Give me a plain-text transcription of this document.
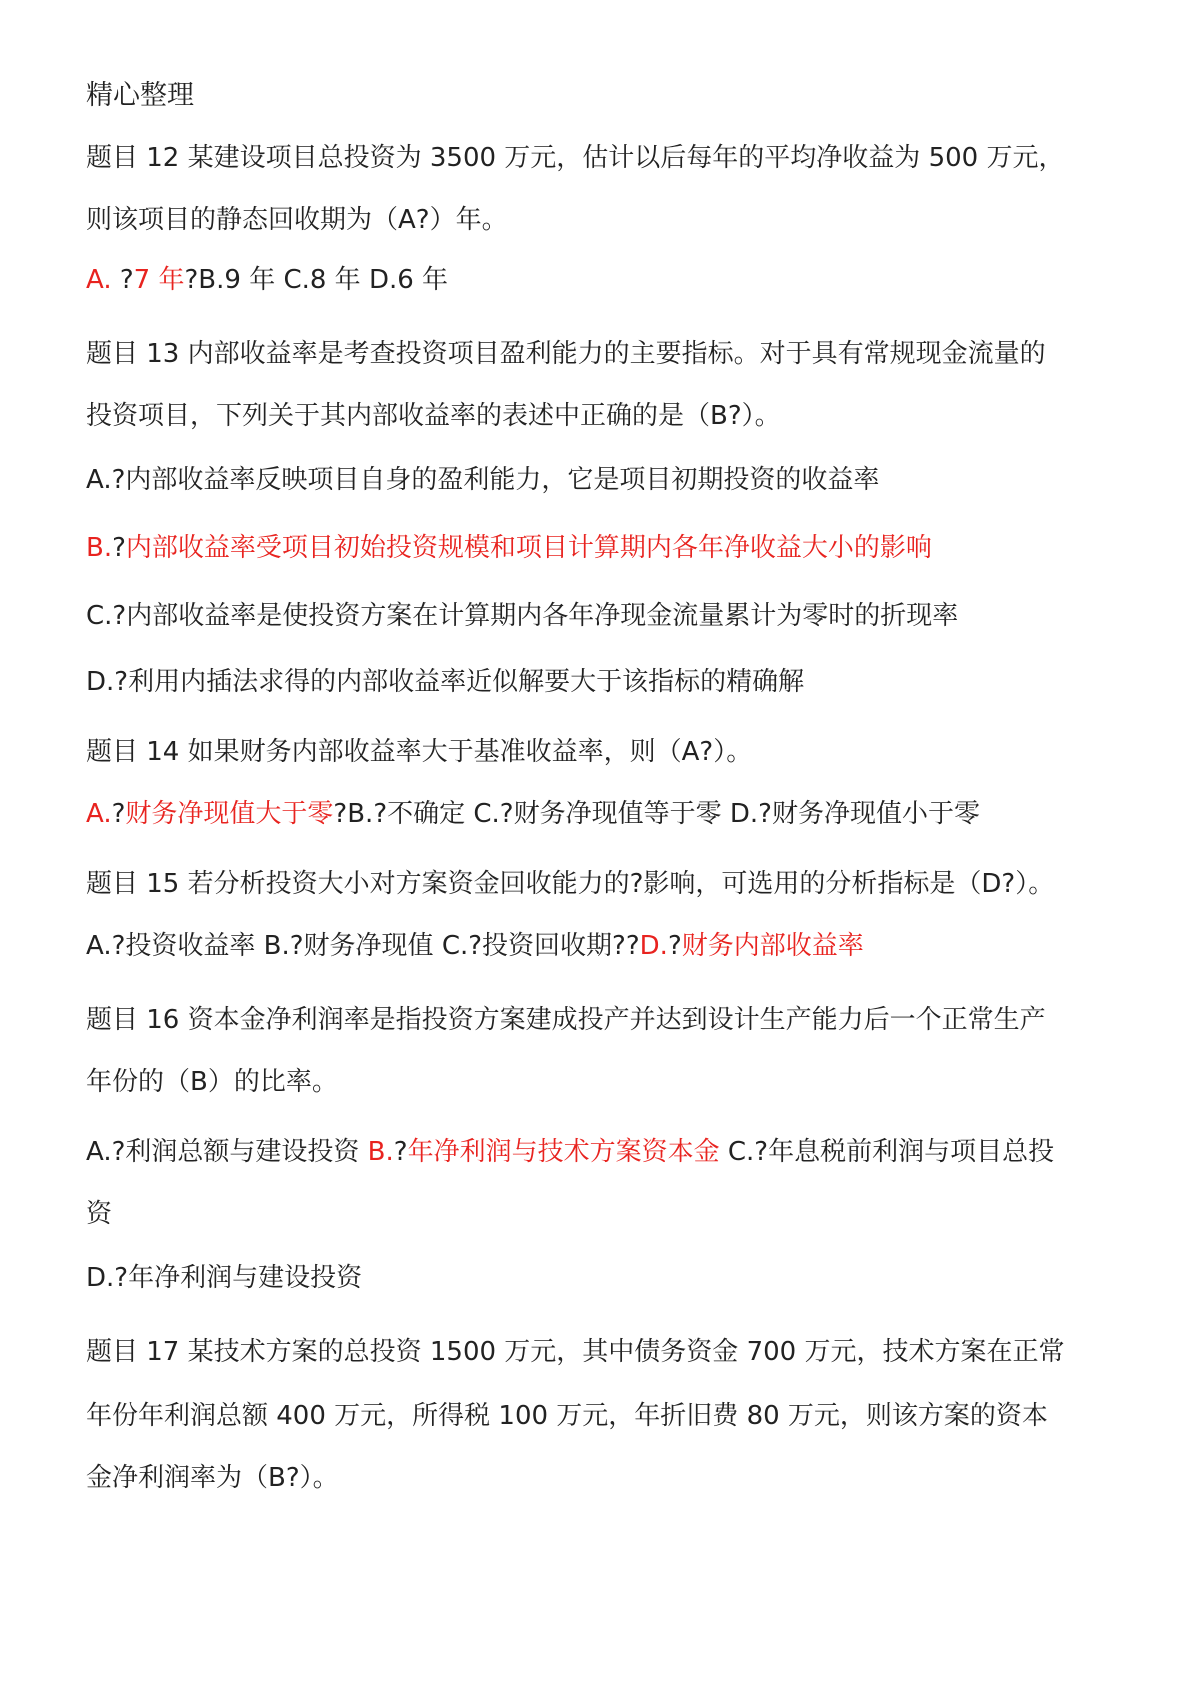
精心整理

题目 12 某建设项目总投资为 3500 万元，估计以后每年的平均净收益为 500 万元，

则该项目的静态回收期为（A?）年。

A. ?7 年?B.9 年 C.8 年 D.6 年

题目 13 内部收益率是考查投资项目盈利能力的主要指标。对于具有常规现金流量的

投资项目，下列关于其内部收益率的表述中正确的是（B?）。

A.?内部收益率反映项目自身的盈利能力，它是项目初期投资的收益率

B.?内部收益率受项目初始投资规模和项目计算期内各年净收益大小的影响

C.?内部收益率是使投资方案在计算期内各年净现金流量累计为零时的折现率

D.?利用内插法求得的内部收益率近似解要大于该指标的精确解

题目 14 如果财务内部收益率大于基准收益率，则（A?）。

A.?财务净现值大于零?B.?不确定 C.?财务净现值等于零 D.?财务净现值小于零

题目 15 若分析投资大小对方案资金回收能力的?影响，可选用的分析指标是（D?）。

A.?投资收益率 B.?财务净现值 C.?投资回收期??D.?财务内部收益率

题目 16 资本金净利润率是指投资方案建成投产并达到设计生产能力后一个正常生产

年份的（B）的比率。

A.?利润总额与建设投资 B.?年净利润与技术方案资本金 C.?年息税前利润与项目总投

资

D.?年净利润与建设投资

题目 17 某技术方案的总投资 1500 万元，其中债务资金 700 万元，技术方案在正常

年份年利润总额 400 万元，所得税 100 万元，年折旧费 80 万元，则该方案的资本

金净利润率为（B?）。
